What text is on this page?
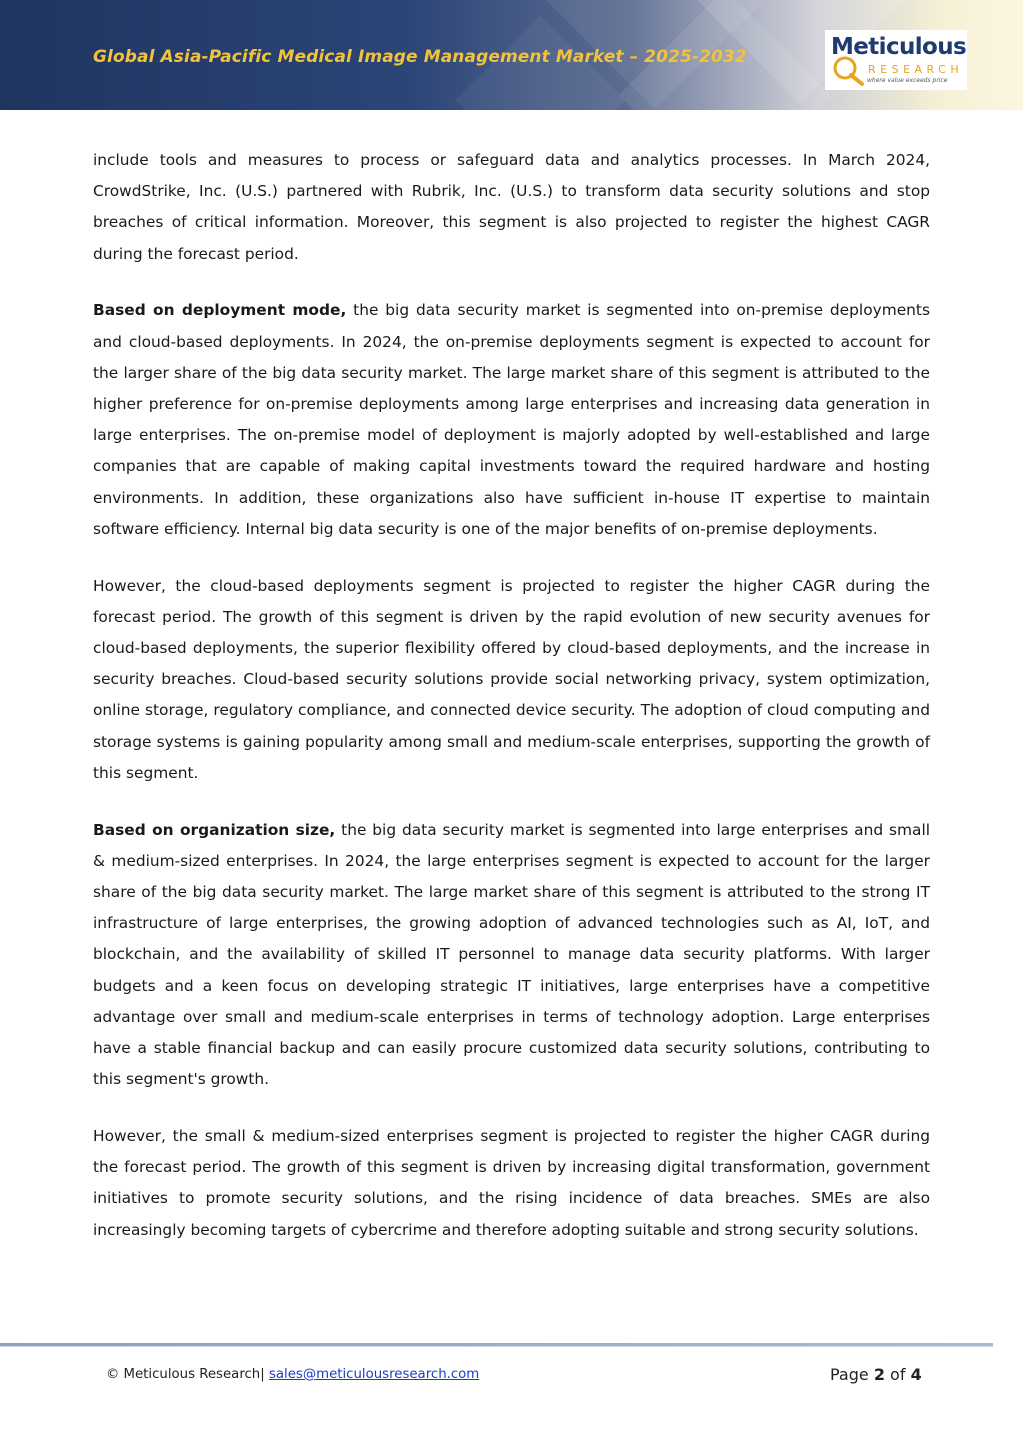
Global Asia-Pacific Medical Image Management Market – 2025-2032	Meticulous
RESEARCH
where value exceeds price

include tools and measures to process or safeguard data and analytics processes. In March 2024, CrowdStrike, Inc. (U.S.) partnered with Rubrik, Inc. (U.S.) to transform data security solutions and stop breaches of critical information. Moreover, this segment is also projected to register the highest CAGR during the forecast period.

Based on deployment mode, the big data security market is segmented into on-premise deployments and cloud-based deployments. In 2024, the on-premise deployments segment is expected to account for the larger share of the big data security market. The large market share of this segment is attributed to the higher preference for on-premise deployments among large enterprises and increasing data generation in large enterprises. The on-premise model of deployment is majorly adopted by well-established and large companies that are capable of making capital investments toward the required hardware and hosting environments. In addition, these organizations also have sufficient in-house IT expertise to maintain software efficiency. Internal big data security is one of the major benefits of on-premise deployments.

However, the cloud-based deployments segment is projected to register the higher CAGR during the forecast period. The growth of this segment is driven by the rapid evolution of new security avenues for cloud-based deployments, the superior flexibility offered by cloud-based deployments, and the increase in security breaches. Cloud-based security solutions provide social networking privacy, system optimization, online storage, regulatory compliance, and connected device security. The adoption of cloud computing and storage systems is gaining popularity among small and medium-scale enterprises, supporting the growth of this segment.

Based on organization size, the big data security market is segmented into large enterprises and small & medium-sized enterprises. In 2024, the large enterprises segment is expected to account for the larger share of the big data security market. The large market share of this segment is attributed to the strong IT infrastructure of large enterprises, the growing adoption of advanced technologies such as AI, IoT, and blockchain, and the availability of skilled IT personnel to manage data security platforms. With larger budgets and a keen focus on developing strategic IT initiatives, large enterprises have a competitive advantage over small and medium-scale enterprises in terms of technology adoption. Large enterprises have a stable financial backup and can easily procure customized data security solutions, contributing to this segment's growth.

However, the small & medium-sized enterprises segment is projected to register the higher CAGR during the forecast period. The growth of this segment is driven by increasing digital transformation, government initiatives to promote security solutions, and the rising incidence of data breaches. SMEs are also increasingly becoming targets of cybercrime and therefore adopting suitable and strong security solutions.

© Meticulous Research| sales@meticulousresearch.com	Page 2 of 4
